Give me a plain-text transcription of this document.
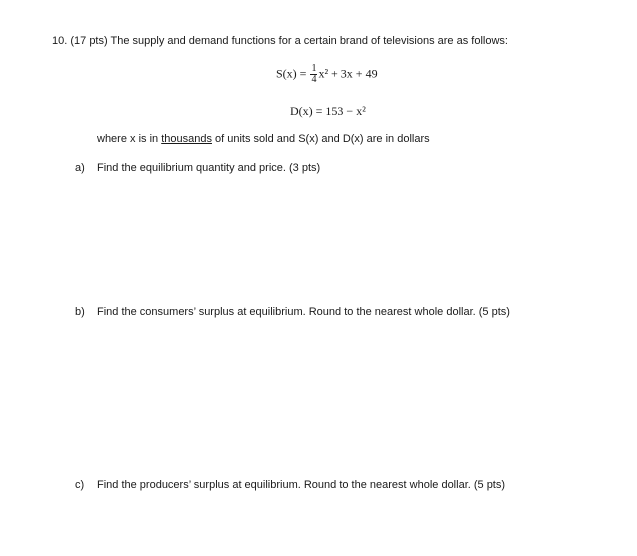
10. (17 pts) The supply and demand functions for a certain brand of televisions are as follows:
$S(x) = \frac{1}{4} x^2 + 3x + 49$
D(x) = 153 − x²
where x is in thousands of units sold and S(x) and D(x) are in dollars
a) Find the equilibrium quantity and price. (3 pts)
b) Find the consumers’ surplus at equilibrium. Round to the nearest whole dollar. (5 pts)
c) Find the producers’ surplus at equilibrium. Round to the nearest whole dollar. (5 pts)
